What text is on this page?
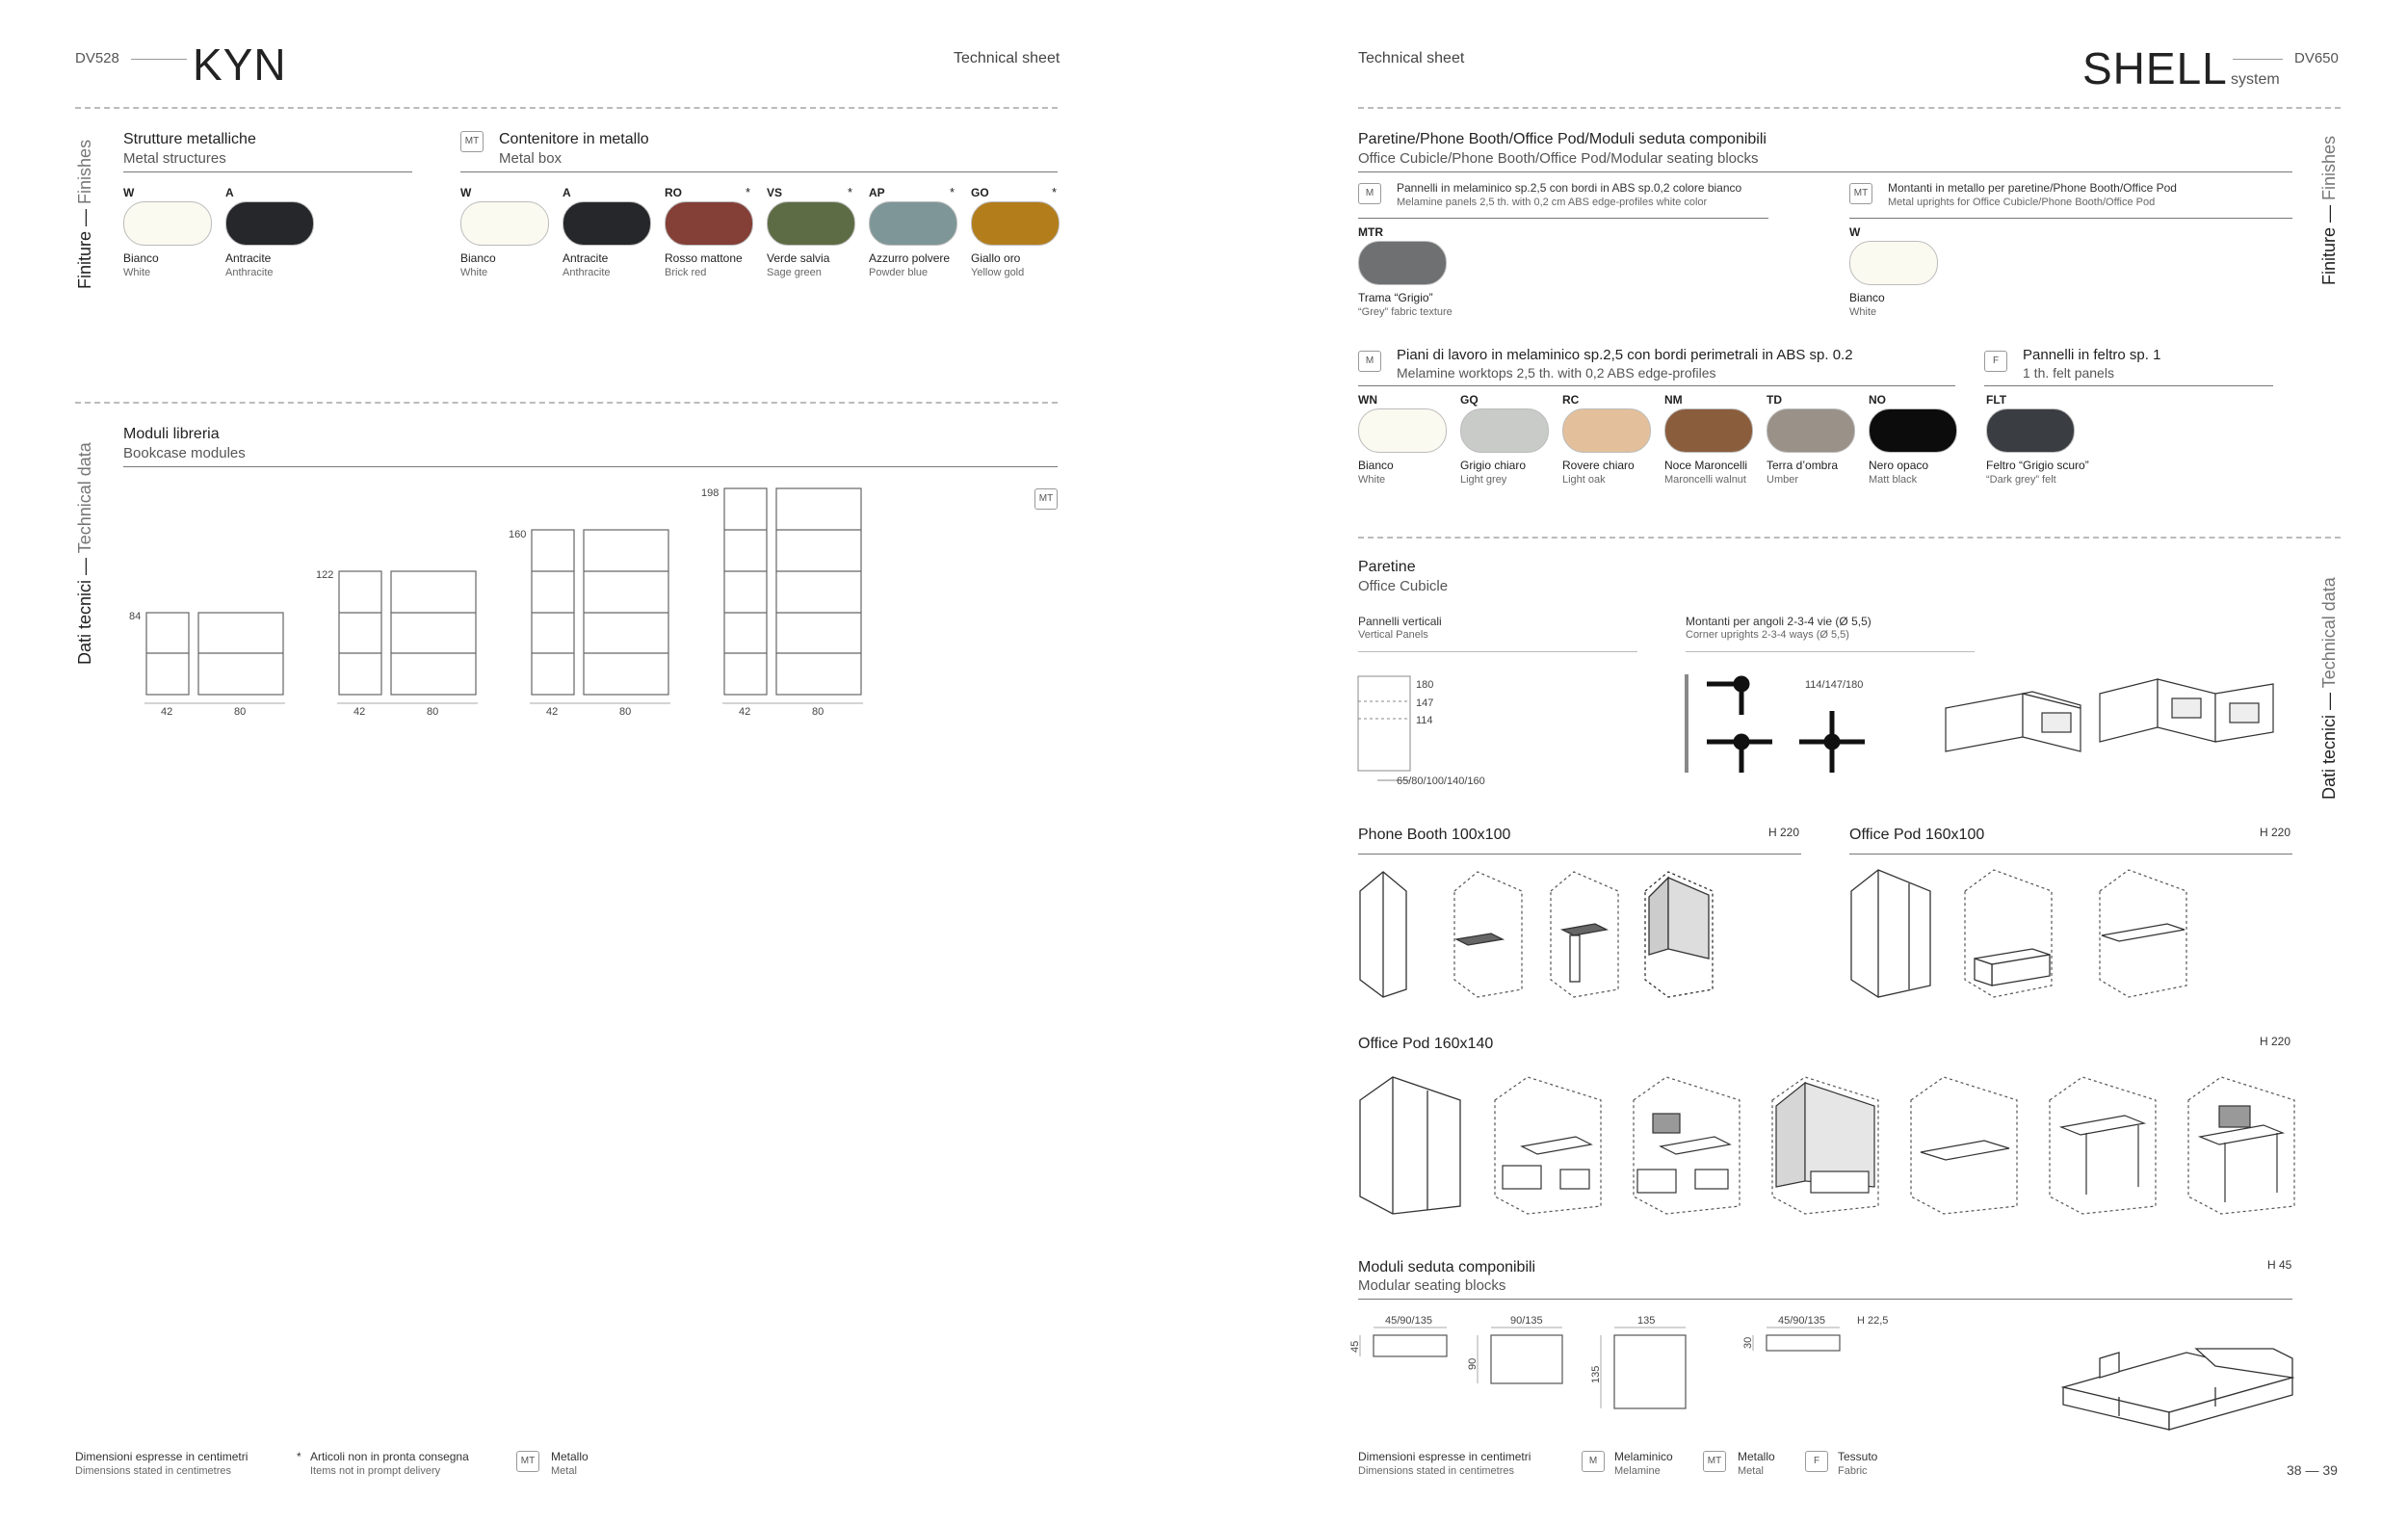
DV528 KYN	Technical sheet
Finiture — Finishes
Strutture metalliche
Metal structures
W
Bianco
White
A
Antracite
Anthracite
MT Contenitore in metallo
Metal box
W
Bianco
White
A
Antracite
Anthracite
RO	*
Rosso mattone
Brick red
VS	*
Verde salvia
Sage green
AP	*
Azzurro polvere
Powder blue
GO	*
Giallo oro
Yellow gold
Dati tecnici — Technical data
Moduli libreria
Bookcase modules
MT
84
122
160
198
42	80	42	80	42	80	42	80
Dimensioni espresse in centimetri
Dimensions stated in centimetres
* Articoli non in pronta consegna
Items not in prompt delivery
MT	Metallo
Metal
Technical sheet	SHELL system
DV650
Finiture — Finishes
Paretine/Phone Booth/Office Pod/Moduli seduta componibili
Office Cubicle/Phone Booth/Office Pod/Modular seating blocks
M	Pannelli in melaminico sp.2,5 con bordi in ABS sp.0,2 colore bianco
Melamine panels 2,5 th. with 0,2 cm ABS edge-profiles white color
MTR
Trama “Grigio”
“Grey” fabric texture
MT	Montanti in metallo per paretine/Phone Booth/Office Pod
Metal uprights for Office Cubicle/Phone Booth/Office Pod
W
Bianco
White
M	Piani di lavoro in melaminico sp.2,5 con bordi perimetrali in ABS sp. 0.2
Melamine worktops 2,5 th. with 0,2 ABS edge-profiles
WN
Bianco
White
GQ
Grigio chiaro
Light grey
RC
Rovere chiaro
Light oak
NM
Noce Maroncelli
Maroncelli walnut
TD
Terra d’ombra
Umber
NO
Nero opaco
Matt black
F	Pannelli in feltro sp. 1
1 th. felt panels
FLT
Feltro “Grigio scuro”
“Dark grey” felt
Dati tecnici — Technical data
Paretine
Office Cubicle
Pannelli verticali
Vertical Panels
Montanti per angoli 2-3-4 vie (Ø 5,5)
Corner uprights 2-3-4 ways (Ø 5,5)
180
147
114
65/80/100/140/160
114/147/180
Phone Booth 100x100	H 220	Office Pod 160x100	H 220
Office Pod 160x140	H 220
Moduli seduta componibili
Modular seating blocks
H 45
45/90/135
45
90/135
90
135
135
45/90/135
30
H 22,5
Dimensioni espresse in centimetri
Dimensions stated in centimetres
M	Melaminico
Melamine
MT	Metallo
Metal
F	Tessuto
Fabric	38 — 39
